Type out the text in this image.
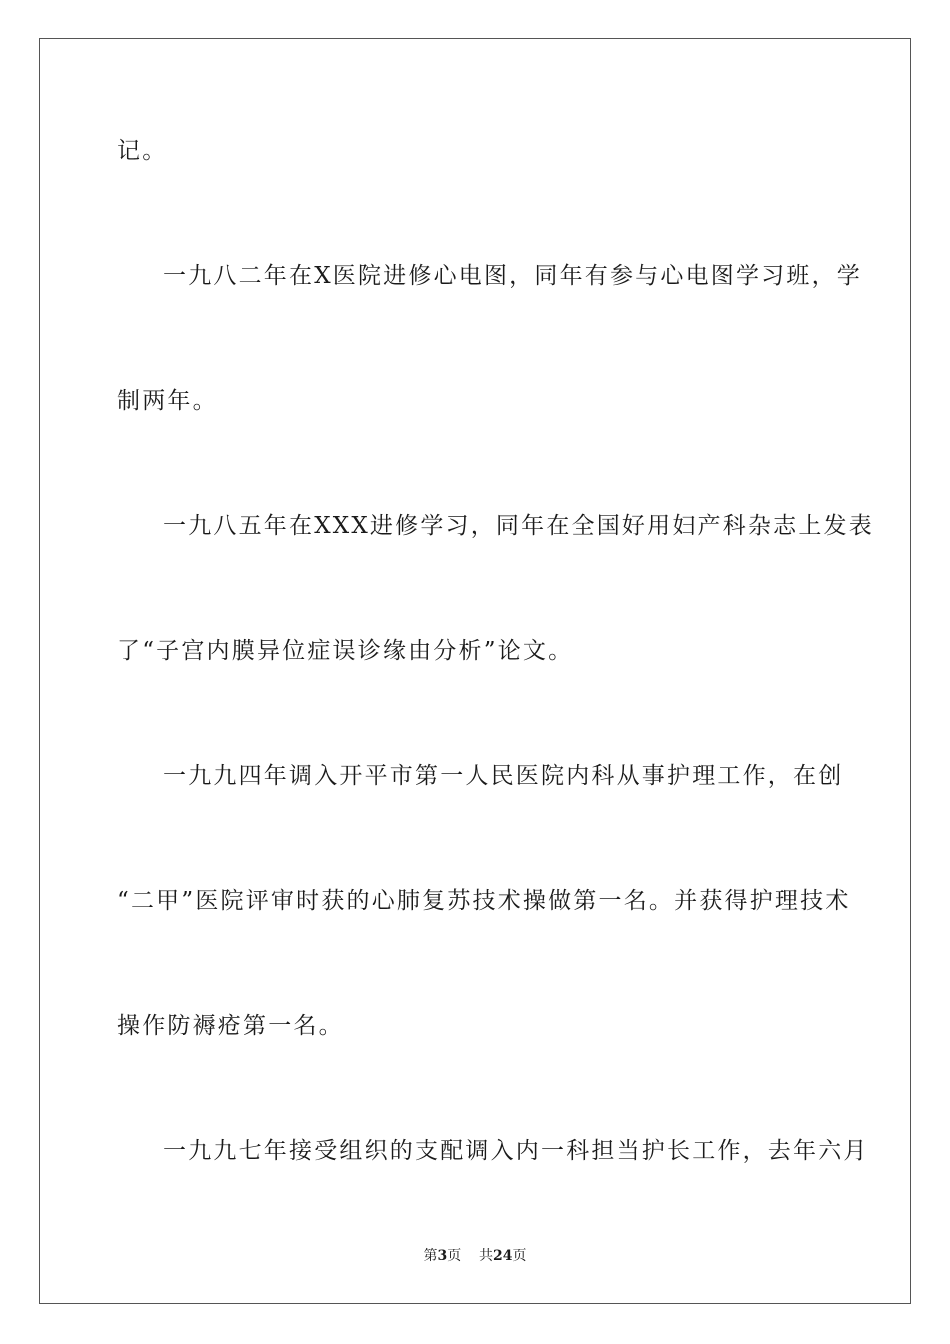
记。
一九八二年在X医院进修心电图，同年有参与心电图学习班，学
制两年。
一九八五年在XXX进修学习，同年在全国好用妇产科杂志上发表
了“子宫内膜异位症误诊缘由分析”论文。
一九九四年调入开平市第一人民医院内科从事护理工作，在创
“二甲”医院评审时获的心肺复苏技术操做第一名。并获得护理技术
操作防褥疮第一名。
一九九七年接受组织的支配调入内一科担当护长工作，去年六月
第3页 共24页
